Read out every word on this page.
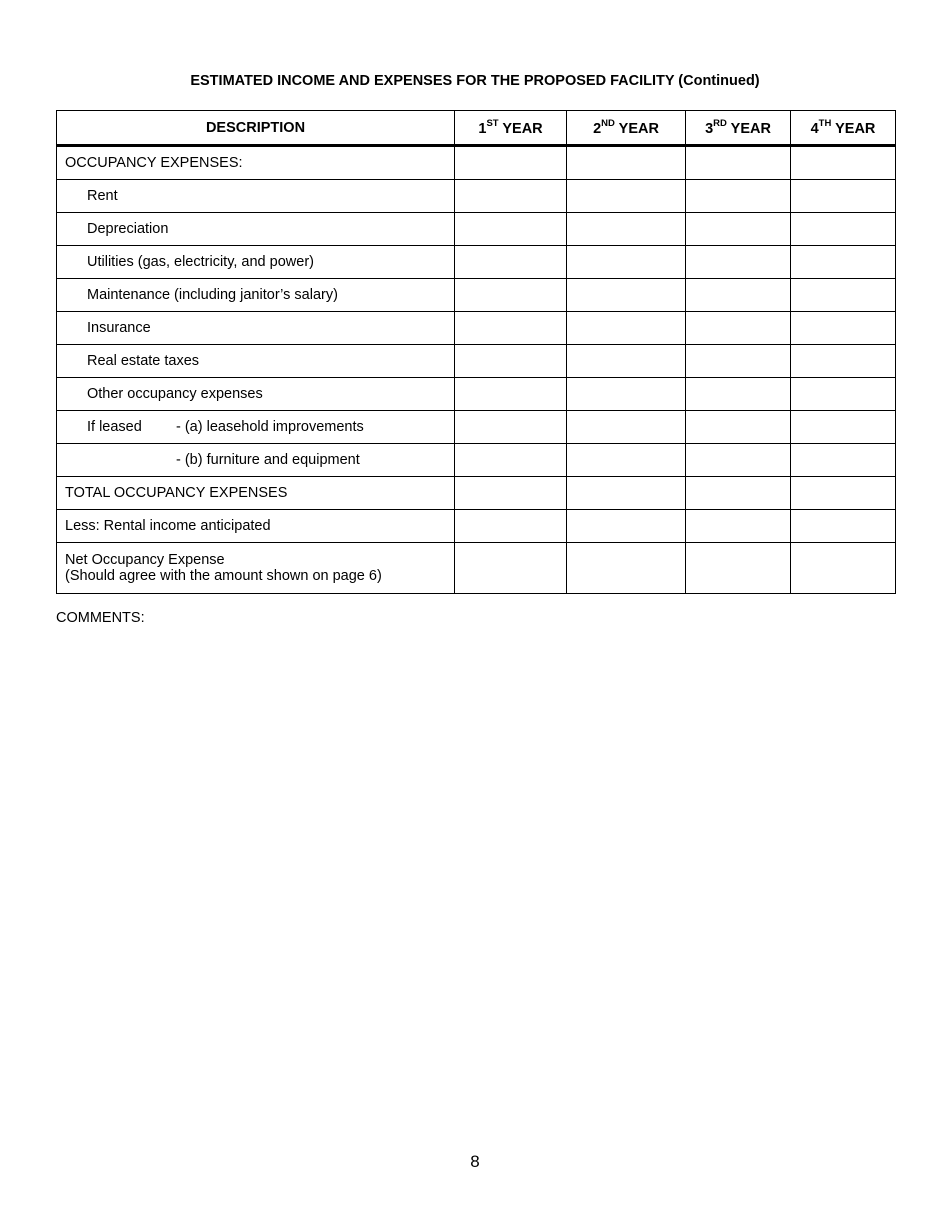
ESTIMATED INCOME AND EXPENSES FOR THE PROPOSED FACILITY (Continued)
DESCRIPTION	1ST YEAR	2ND YEAR	3RD YEAR	4TH YEAR
OCCUPANCY EXPENSES:				
Rent				
Depreciation				
Utilities (gas, electricity, and power)				
Maintenance (including janitor’s salary)				
Insurance				
Real estate taxes				
Other occupancy expenses				
If leased - (a) leasehold improvements				
- (b) furniture and equipment				
TOTAL OCCUPANCY EXPENSES				
Less: Rental income anticipated				

Net Occupancy Expense
(Should agree with the amount shown on page 6)				

COMMENTS:
8
